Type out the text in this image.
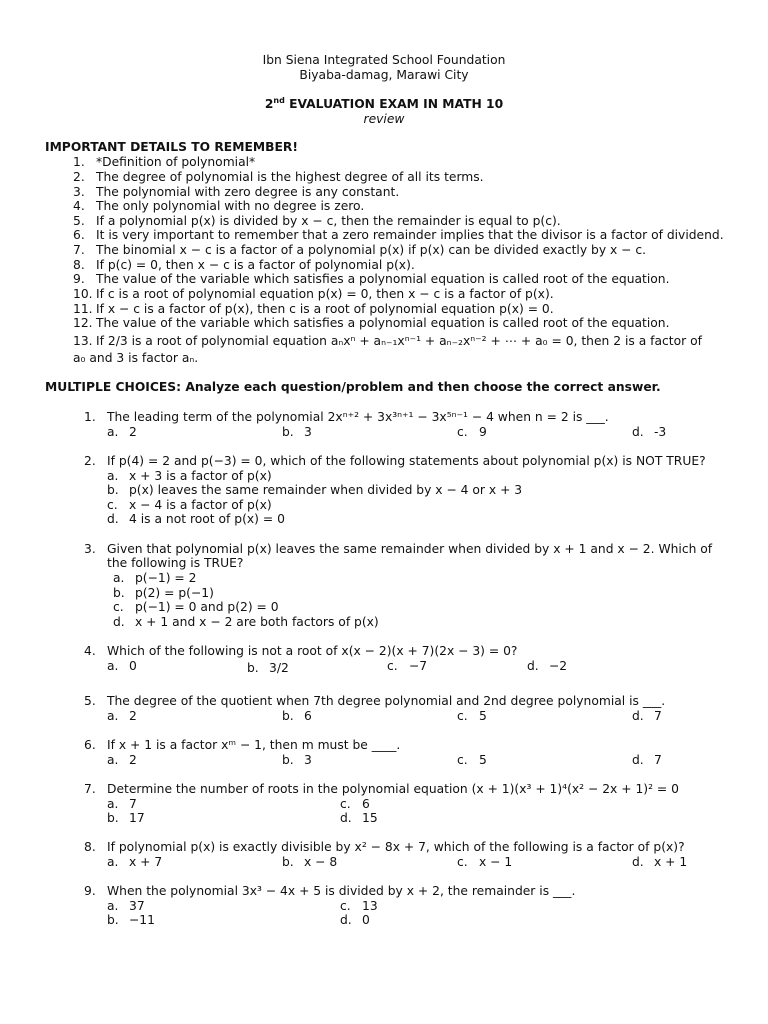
Ibn Siena Integrated School Foundation
Biyaba-damag, Marawi City
2nd EVALUATION EXAM IN MATH 10
review
IMPORTANT DETAILS TO REMEMBER!
1. *Definition of polynomial*
2. The degree of polynomial is the highest degree of all its terms.
3. The polynomial with zero degree is any constant.
4. The only polynomial with no degree is zero.
5. If a polynomial p(x) is divided by x − c, then the remainder is equal to p(c).
6. It is very important to remember that a zero remainder implies that the divisor is a factor of dividend.
7. The binomial x − c is a factor of a polynomial p(x) if p(x) can be divided exactly by x − c.
8. If p(c) = 0, then x − c is a factor of polynomial p(x).
9. The value of the variable which satisfies a polynomial equation is called root of the equation.
10. If c is a root of polynomial equation p(x) = 0, then x − c is a factor of p(x).
11. If x − c is a factor of p(x), then c is a root of polynomial equation p(x) = 0.
12. The value of the variable which satisfies a polynomial equation is called root of the equation.
13. If 2/3 is a root of polynomial equation aₙxⁿ + aₙ₋₁xⁿ⁻¹ + aₙ₋₂xⁿ⁻² + ⋯ + a₀ = 0, then 2 is a factor of a₀ and 3 is factor aₙ.
MULTIPLE CHOICES: Analyze each question/problem and then choose the correct answer.
1. The leading term of the polynomial 2xⁿ⁺² + 3x³ⁿ⁺¹ − 3x⁵ⁿ⁻¹ − 4 when n = 2 is ___.
a. 2	b. 3	c. 9	d. -3
2. If p(4) = 2 and p(−3) = 0, which of the following statements about polynomial p(x) is NOT TRUE?
a. x + 3 is a factor of p(x)
b. p(x) leaves the same remainder when divided by x − 4 or x + 3
c. x − 4 is a factor of p(x)
d. 4 is a not root of p(x) = 0
3. Given that polynomial p(x) leaves the same remainder when divided by x + 1 and x − 2. Which of
the following is TRUE?
a. p(−1) = 2
b. p(2) = p(−1)
c. p(−1) = 0 and p(2) = 0
d. x + 1 and x − 2 are both factors of p(x)
4. Which of the following is not a root of x(x − 2)(x + 7)(2x − 3) = 0?
a. 0	b. 3/2	c. −7	d. −2
5. The degree of the quotient when 7th degree polynomial and 2nd degree polynomial is ___.
a. 2	b. 6	c. 5	d. 7
6. If x + 1 is a factor xᵐ − 1, then m must be ____.
a. 2	b. 3	c. 5	d. 7
7. Determine the number of roots in the polynomial equation (x + 1)(x³ + 1)⁴(x² − 2x + 1)² = 0
a. 7
b. 17
c. 6
d. 15
8. If polynomial p(x) is exactly divisible by x² − 8x + 7, which of the following is a factor of p(x)?
a. x + 7	b. x − 8	c. x − 1	d. x + 1
9. When the polynomial 3x³ − 4x + 5 is divided by x + 2, the remainder is ___.
a. 37
b. −11
c. 13
d. 0
